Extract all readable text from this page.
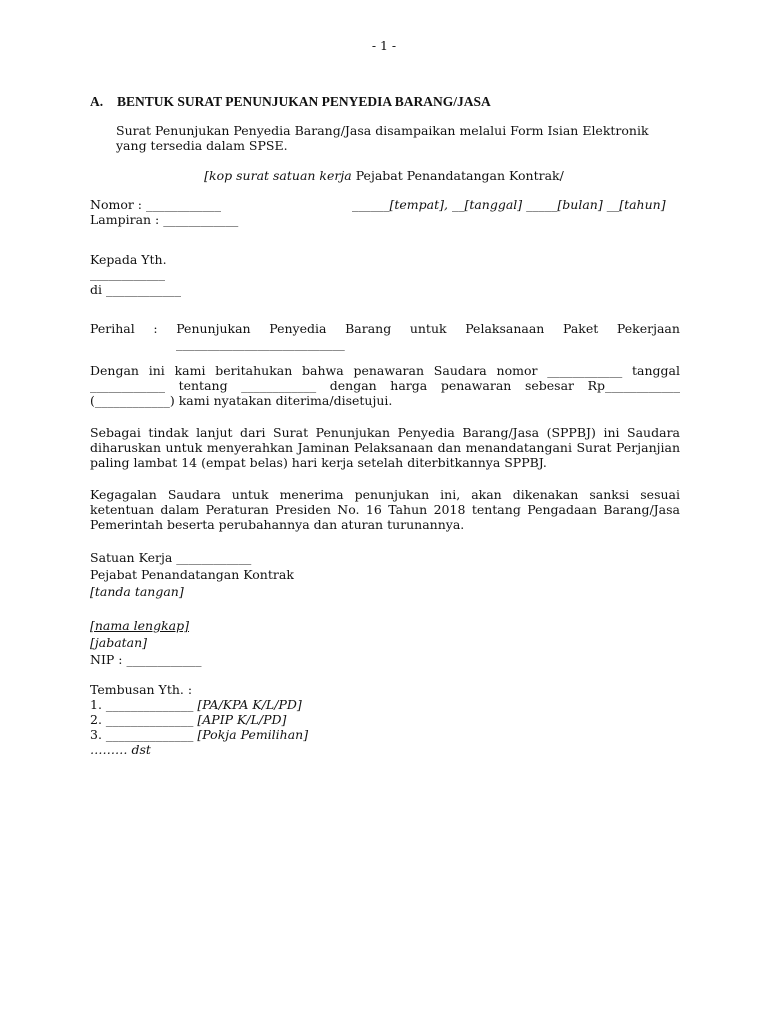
- 1 -
A. BENTUK SURAT PENUNJUKAN PENYEDIA BARANG/JASA
Surat Penunjukan Penyedia Barang/Jasa disampaikan melalui Form Isian Elektronik yang tersedia dalam SPSE.
[kop surat satuan kerja Pejabat Penandatangan Kontrak/
Nomor : ____________
Lampiran : ____________
______[tempat], __[tanggal] _____[bulan] __[tahun]
Kepada Yth.
____________
di ____________
Perihal : Penunjukan Penyedia Barang untuk Pelaksanaan Paket Pekerjaan
___________________________
Dengan ini kami beritahukan bahwa penawaran Saudara nomor ____________ tanggal ____________ tentang ____________ dengan harga penawaran sebesar Rp____________ (____________) kami nyatakan diterima/disetujui.
Sebagai tindak lanjut dari Surat Penunjukan Penyedia Barang/Jasa (SPPBJ) ini Saudara diharuskan untuk menyerahkan Jaminan Pelaksanaan dan menandatangani Surat Perjanjian paling lambat 14 (empat belas) hari kerja setelah diterbitkannya SPPBJ.
Kegagalan Saudara untuk menerima penunjukan ini, akan dikenakan sanksi sesuai ketentuan dalam Peraturan Presiden No. 16 Tahun 2018 tentang Pengadaan Barang/Jasa Pemerintah beserta perubahannya dan aturan turunannya.
Satuan Kerja ____________
Pejabat Penandatangan Kontrak
[tanda tangan]
[nama lengkap]
[jabatan]
NIP : ____________
Tembusan Yth. :
1. ______________ [PA/KPA K/L/PD]
2. ______________ [APIP K/L/PD]
3. ______________ [Pokja Pemilihan]
……… dst
